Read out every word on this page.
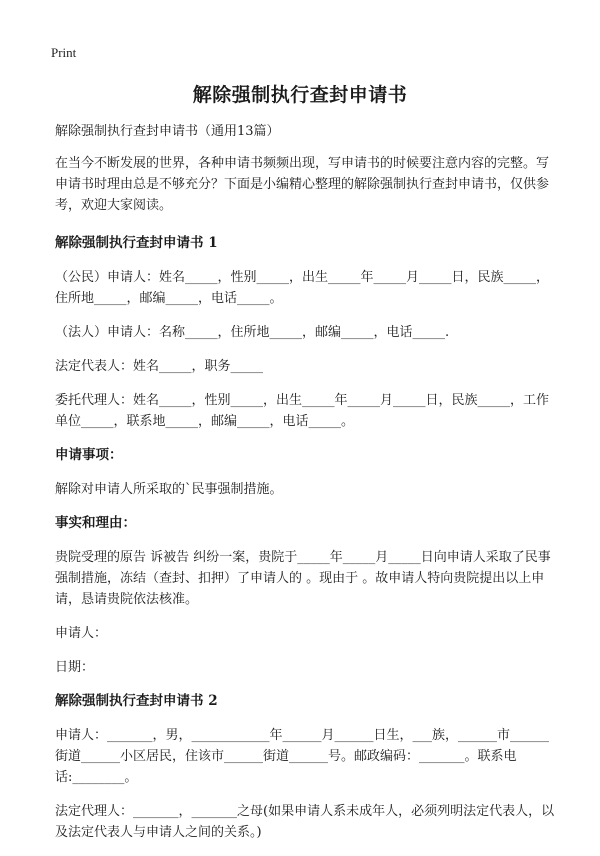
Print
解除强制执行查封申请书

解除强制执行查封申请书（通用13篇）

在当今不断发展的世界，各种申请书频频出现，写申请书的时候要注意内容的完整。写申请书时理由总是不够充分？下面是小编精心整理的解除强制执行查封申请书，仅供参考，欢迎大家阅读。

解除强制执行查封申请书 1

（公民）申请人：姓名_____，性别_____，出生_____年_____月_____日，民族_____，住所地_____，邮编_____，电话_____。

（法人）申请人：名称_____，住所地_____，邮编_____，电话_____.

法定代表人：姓名_____，职务_____

委托代理人：姓名_____，性别_____，出生_____年_____月_____日，民族_____，工作单位_____，联系地_____，邮编_____，电话_____。

申请事项：

解除对申请人所采取的`民事强制措施。

事实和理由：

贵院受理的原告 诉被告 纠纷一案，贵院于_____年_____月_____日向申请人采取了民事强制措施，冻结（查封、扣押）了申请人的 。现由于 。故申请人特向贵院提出以上申请，恳请贵院依法核准。

申请人：

日期：

解除强制执行查封申请书 2

申请人：_______，男，____________年______月______日生，___族，______市______街道______小区居民，住该市______街道______号。邮政编码：_______。联系电话:________。

法定代理人：_______，_______之母(如果申请人系未成年人，必须列明法定代表人，以及法定代表人与申请人之间的关系。)
